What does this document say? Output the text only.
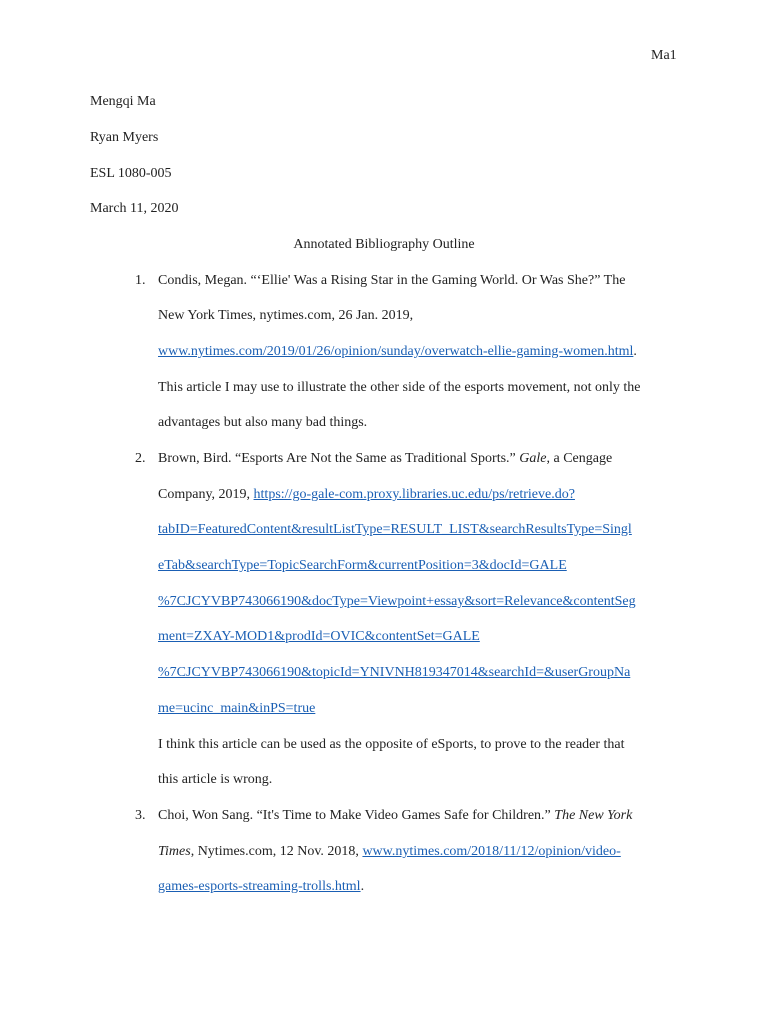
Ma1
Mengqi Ma
Ryan Myers
ESL 1080-005
March 11, 2020
Annotated Bibliography Outline
1. Condis, Megan. “‘Ellie' Was a Rising Star in the Gaming World. Or Was She?” The
New York Times, nytimes.com, 26 Jan. 2019,
www.nytimes.com/2019/01/26/opinion/sunday/overwatch-ellie-gaming-women.html.
This article I may use to illustrate the other side of the esports movement, not only the
advantages but also many bad things.
2. Brown, Bird. “Esports Are Not the Same as Traditional Sports.” Gale, a Cengage
Company, 2019, https://go-gale-com.proxy.libraries.uc.edu/ps/retrieve.do?
tabID=FeaturedContent&resultListType=RESULT_LIST&searchResultsType=Singl
eTab&searchType=TopicSearchForm&currentPosition=3&docId=GALE
%7CJCYVBP743066190&docType=Viewpoint+essay&sort=Relevance&contentSeg
ment=ZXAY-MOD1&prodId=OVIC&contentSet=GALE
%7CJCYVBP743066190&topicId=YNIVNH819347014&searchId=&userGroupNa
me=ucinc_main&inPS=true
I think this article can be used as the opposite of eSports, to prove to the reader that
this article is wrong.
3. Choi, Won Sang. “It's Time to Make Video Games Safe for Children.” The New York
Times, Nytimes.com, 12 Nov. 2018, www.nytimes.com/2018/11/12/opinion/video-
games-esports-streaming-trolls.html.
